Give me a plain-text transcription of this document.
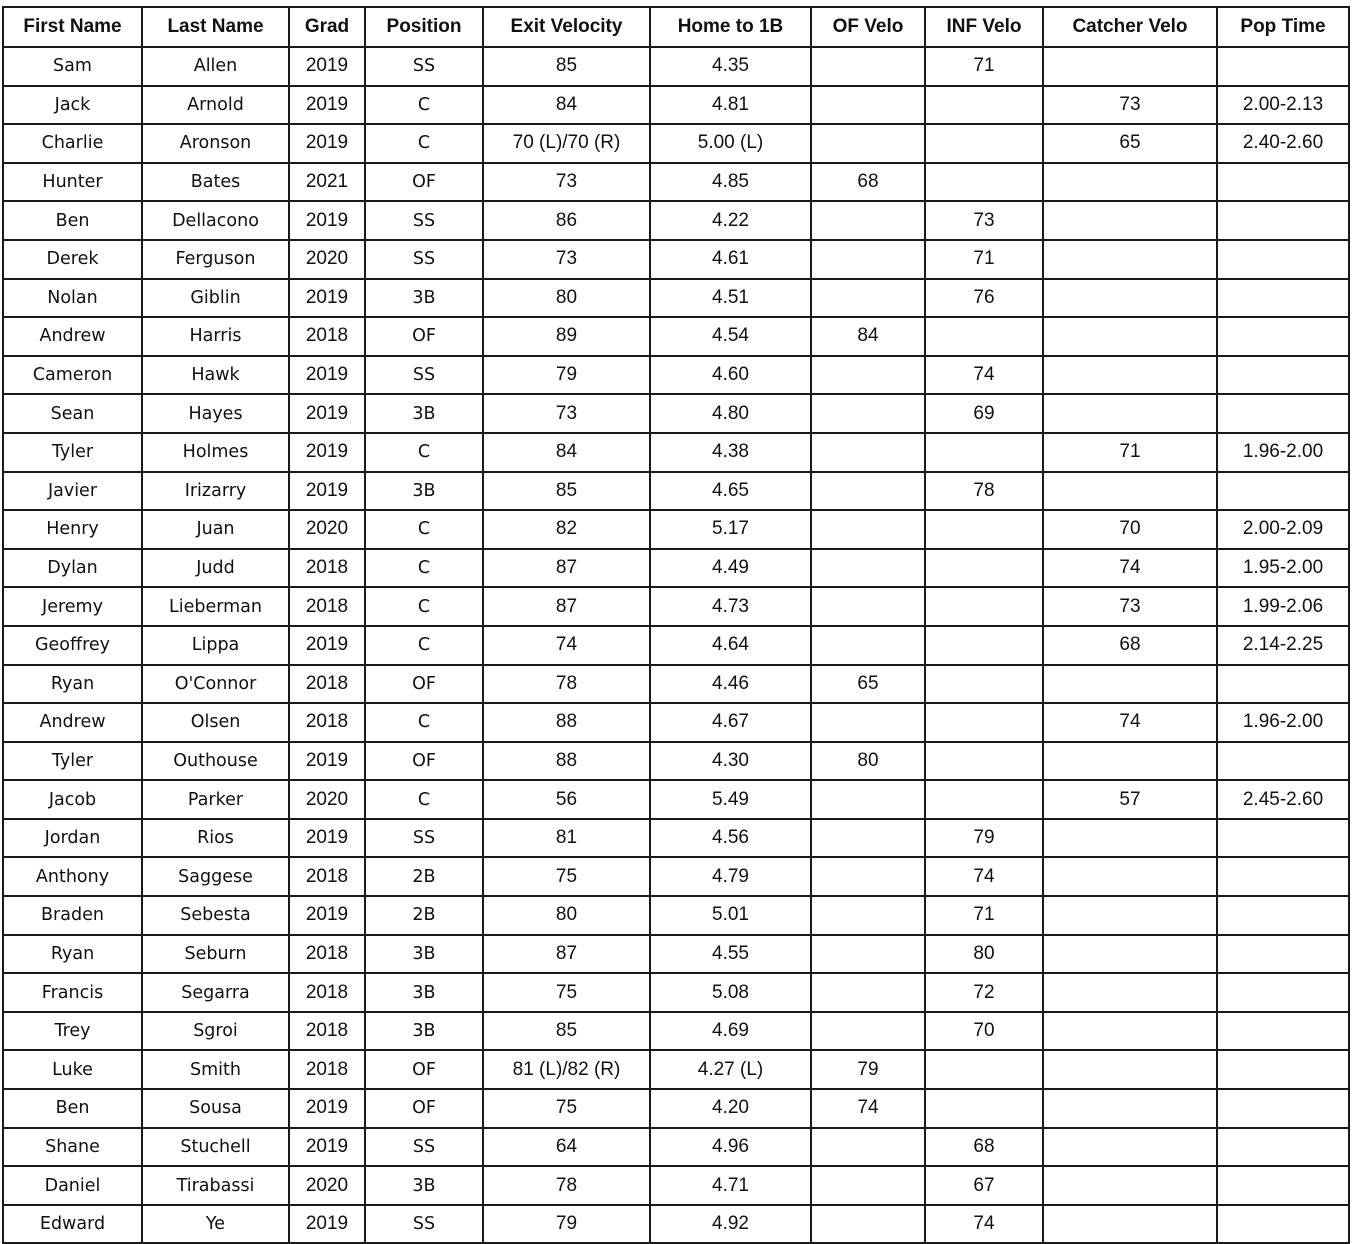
First Name	Last Name	Grad	Position	Exit Velocity	Home to 1B	OF Velo	INF Velo	Catcher Velo	Pop Time
Sam	Allen	2019	SS	85	4.35		71		
Jack	Arnold	2019	C	84	4.81			73	2.00-2.13
Charlie	Aronson	2019	C	70 (L)/70 (R)	5.00 (L)			65	2.40-2.60
Hunter	Bates	2021	OF	73	4.85	68			
Ben	Dellacono	2019	SS	86	4.22		73		
Derek	Ferguson	2020	SS	73	4.61		71		
Nolan	Giblin	2019	3B	80	4.51		76		
Andrew	Harris	2018	OF	89	4.54	84			
Cameron	Hawk	2019	SS	79	4.60		74		
Sean	Hayes	2019	3B	73	4.80		69		
Tyler	Holmes	2019	C	84	4.38			71	1.96-2.00
Javier	Irizarry	2019	3B	85	4.65		78		
Henry	Juan	2020	C	82	5.17			70	2.00-2.09
Dylan	Judd	2018	C	87	4.49			74	1.95-2.00
Jeremy	Lieberman	2018	C	87	4.73			73	1.99-2.06
Geoffrey	Lippa	2019	C	74	4.64			68	2.14-2.25
Ryan	O'Connor	2018	OF	78	4.46	65			
Andrew	Olsen	2018	C	88	4.67			74	1.96-2.00
Tyler	Outhouse	2019	OF	88	4.30	80			
Jacob	Parker	2020	C	56	5.49			57	2.45-2.60
Jordan	Rios	2019	SS	81	4.56		79		
Anthony	Saggese	2018	2B	75	4.79		74		
Braden	Sebesta	2019	2B	80	5.01		71		
Ryan	Seburn	2018	3B	87	4.55		80		
Francis	Segarra	2018	3B	75	5.08		72		
Trey	Sgroi	2018	3B	85	4.69		70		
Luke	Smith	2018	OF	81 (L)/82 (R)	4.27 (L)	79			
Ben	Sousa	2019	OF	75	4.20	74			
Shane	Stuchell	2019	SS	64	4.96		68		
Daniel	Tirabassi	2020	3B	78	4.71		67		
Edward	Ye	2019	SS	79	4.92		74		
